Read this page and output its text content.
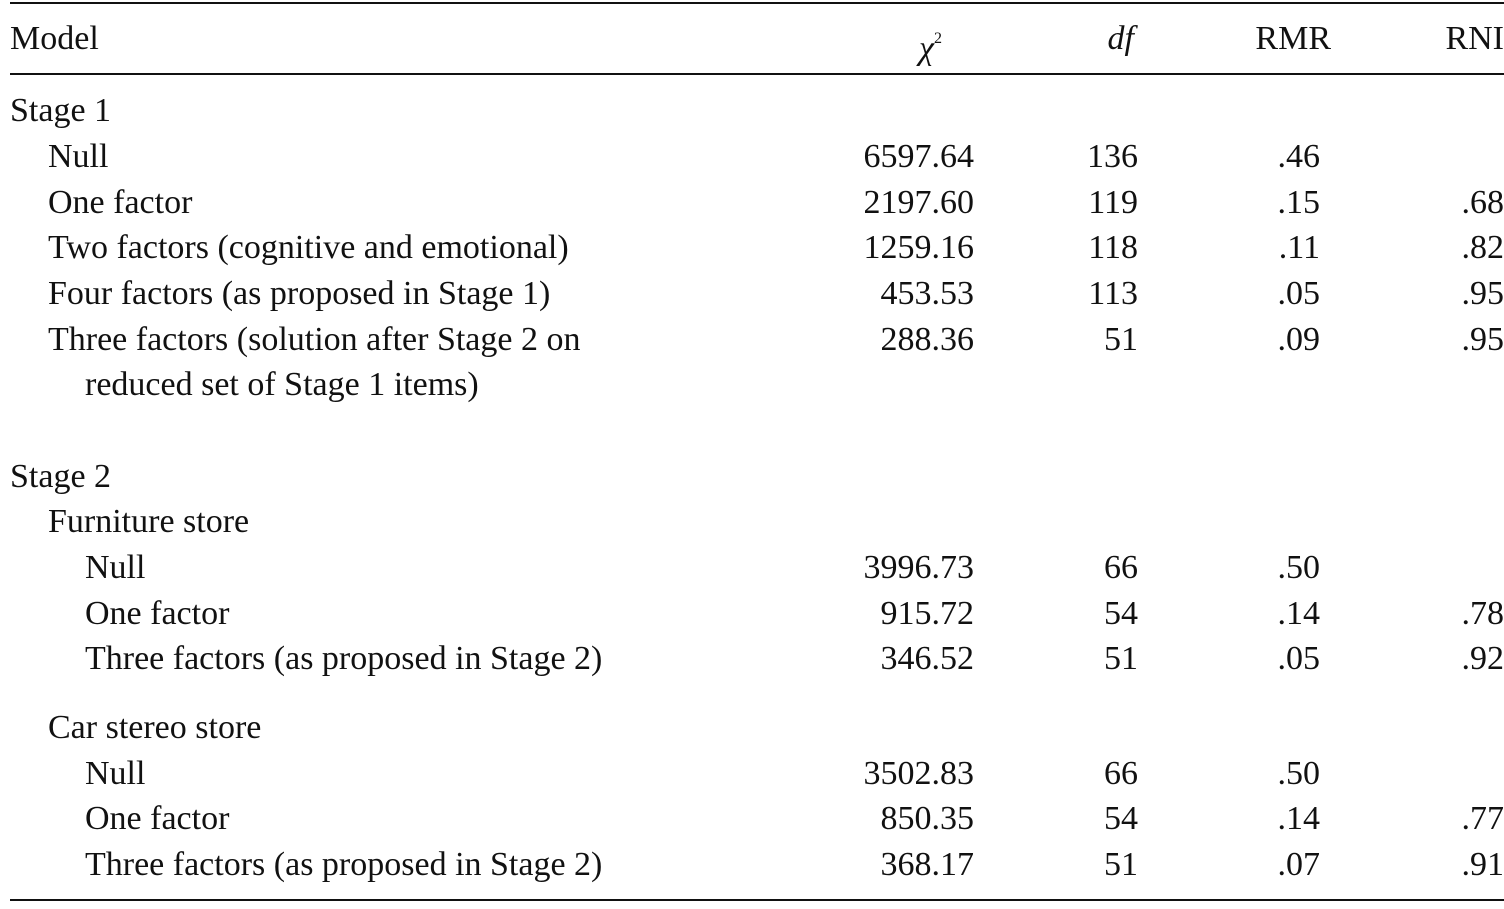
Model	$\chi^2$	df	RMR	RNI
Stage 1
Null	6597.64	136	.46
One factor	2197.60	119	.15	.68
Two factors (cognitive and emotional)	1259.16	118	.11	.82
Four factors (as proposed in Stage 1)	453.53	113	.05	.95
Three factors (solution after Stage 2 on	288.36	51	.09	.95
reduced set of Stage 1 items)
Stage 2
Furniture store
Null	3996.73	66	.50
One factor	915.72	54	.14	.78
Three factors (as proposed in Stage 2)	346.52	51	.05	.92
Car stereo store
Null	3502.83	66	.50
One factor	850.35	54	.14	.77
Three factors (as proposed in Stage 2)	368.17	51	.07	.91
